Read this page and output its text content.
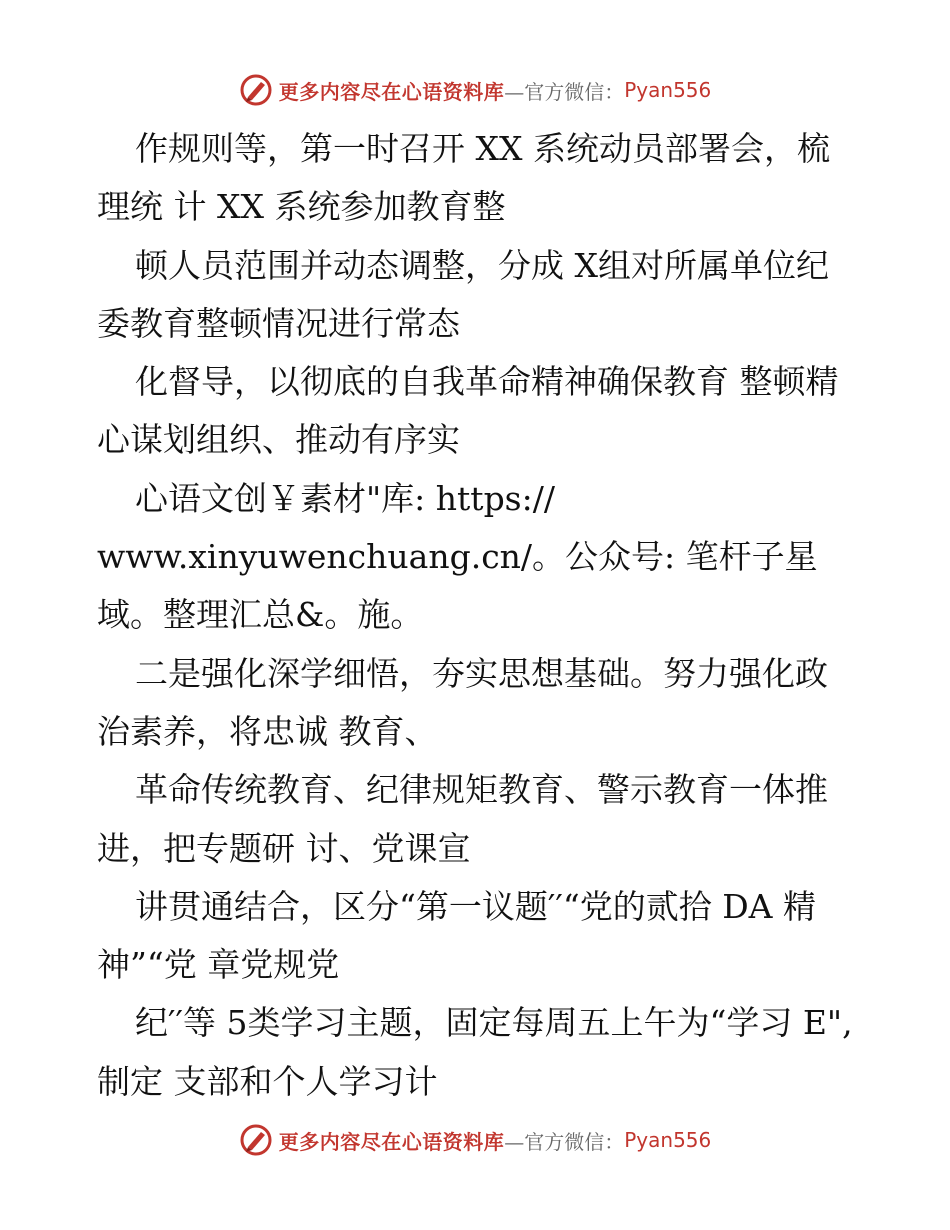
更多内容尽在心语资料库 —官方微信： Pyan556

作规则等，第一时召开 XX 系统动员部署会，梳理统 计 XX 系统参加教育整

顿人员范围并动态调整，分成 X组对所属单位纪委教育整顿情况进行常态

化督导，以彻底的自我革命精神确保教育 整顿精心谋划组织、推动有序实

心语文创￥素材"库: https:// www.xinyuwenchuang.cn/。公众号: 笔杆子星域。整理汇总&。施。

二是强化深学细悟，夯实思想基础。努力强化政治素养，将忠诚 教育、

革命传统教育、纪律规矩教育、警示教育一体推进，把专题研 讨、党课宣

讲贯通结合，区分“第一议题′′“党的贰拾 DA 精神”“党 章党规党

纪′′等 5类学习主题，固定每周五上午为“学习 E",制定 支部和个人学习计

更多内容尽在心语资料库 —官方微信： Pyan556
